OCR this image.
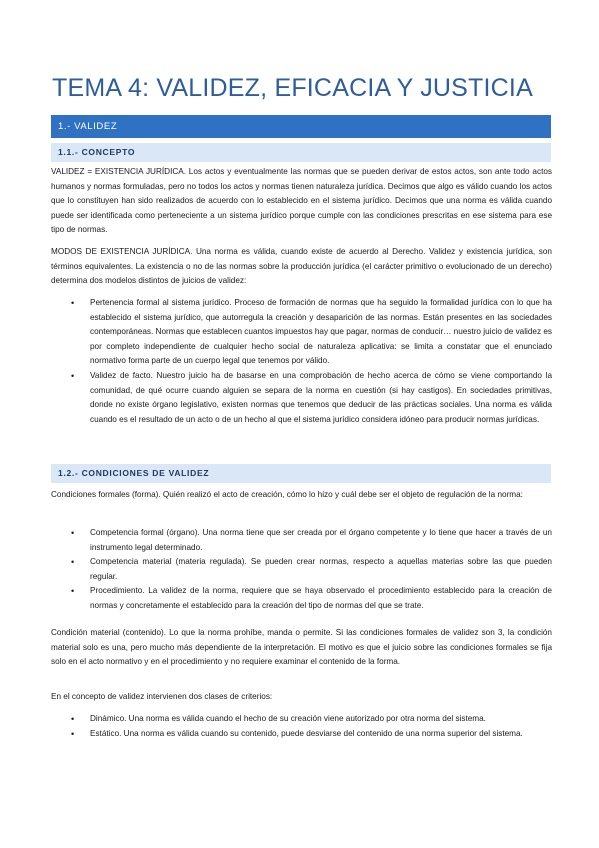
TEMA 4: VALIDEZ, EFICACIA Y JUSTICIA
1.- VALIDEZ
1.1.- CONCEPTO

VALIDEZ = EXISTENCIA JURÍDICA. Los actos y eventualmente las normas que se pueden derivar de estos actos, son ante todo actos humanos y normas formuladas, pero no todos los actos y normas tienen naturaleza jurídica. Decimos que algo es válido cuando los actos que lo constituyen han sido realizados de acuerdo con lo establecido en el sistema jurídico. Decimos que una norma es válida cuando puede ser identificada como perteneciente a un sistema jurídico porque cumple con las condiciones prescritas en ese sistema para ese tipo de normas.

MODOS DE EXISTENCIA JURÍDICA. Una norma es válida, cuando existe de acuerdo al Derecho. Validez y existencia jurídica, son términos equivalentes. La existencia o no de las normas sobre la producción jurídica (el carácter primitivo o evolucionado de un derecho) determina dos modelos distintos de juicios de validez:

• Pertenencia formal al sistema jurídico. Proceso de formación de normas que ha seguido la formalidad jurídica con lo que ha establecido el sistema jurídico, que autorregula la creación y desaparición de las normas. Están presentes en las sociedades contemporáneas. Normas que establecen cuantos impuestos hay que pagar, normas de conducir… nuestro juicio de validez es por completo independiente de cualquier hecho social de naturaleza aplicativa: se limita a constatar que el enunciado normativo forma parte de un cuerpo legal que tenemos por válido.
• Validez de facto. Nuestro juicio ha de basarse en una comprobación de hecho acerca de cómo se viene comportando la comunidad, de qué ocurre cuando alguien se separa de la norma en cuestión (si hay castigos). En sociedades primitivas, donde no existe órgano legislativo, existen normas que tenemos que deducir de las prácticas sociales. Una norma es válida cuando es el resultado de un acto o de un hecho al que el sistema jurídico considera idóneo para producir normas jurídicas.
1.2.- CONDICIONES DE VALIDEZ

Condiciones formales (forma). Quién realizó el acto de creación, cómo lo hizo y cuál debe ser el objeto de regulación de la norma:

• Competencia formal (órgano). Una norma tiene que ser creada por el órgano competente y lo tiene que hacer a través de un instrumento legal determinado.
• Competencia material (materia regulada). Se pueden crear normas, respecto a aquellas materias sobre las que pueden regular.
• Procedimiento. La validez de la norma, requiere que se haya observado el procedimiento establecido para la creación de normas y concretamente el establecido para la creación del tipo de normas del que se trate.

Condición material (contenido). Lo que la norma prohíbe, manda o permite. Si las condiciones formales de validez son 3, la condición material solo es una, pero mucho más dependiente de la interpretación. El motivo es que el juicio sobre las condiciones formales se fija solo en el acto normativo y en el procedimiento y no requiere examinar el contenido de la forma.

En el concepto de validez intervienen dos clases de criterios:

• Dinámico. Una norma es válida cuando el hecho de su creación viene autorizado por otra norma del sistema.
• Estático. Una norma es válida cuando su contenido, puede desviarse del contenido de una norma superior del sistema.
